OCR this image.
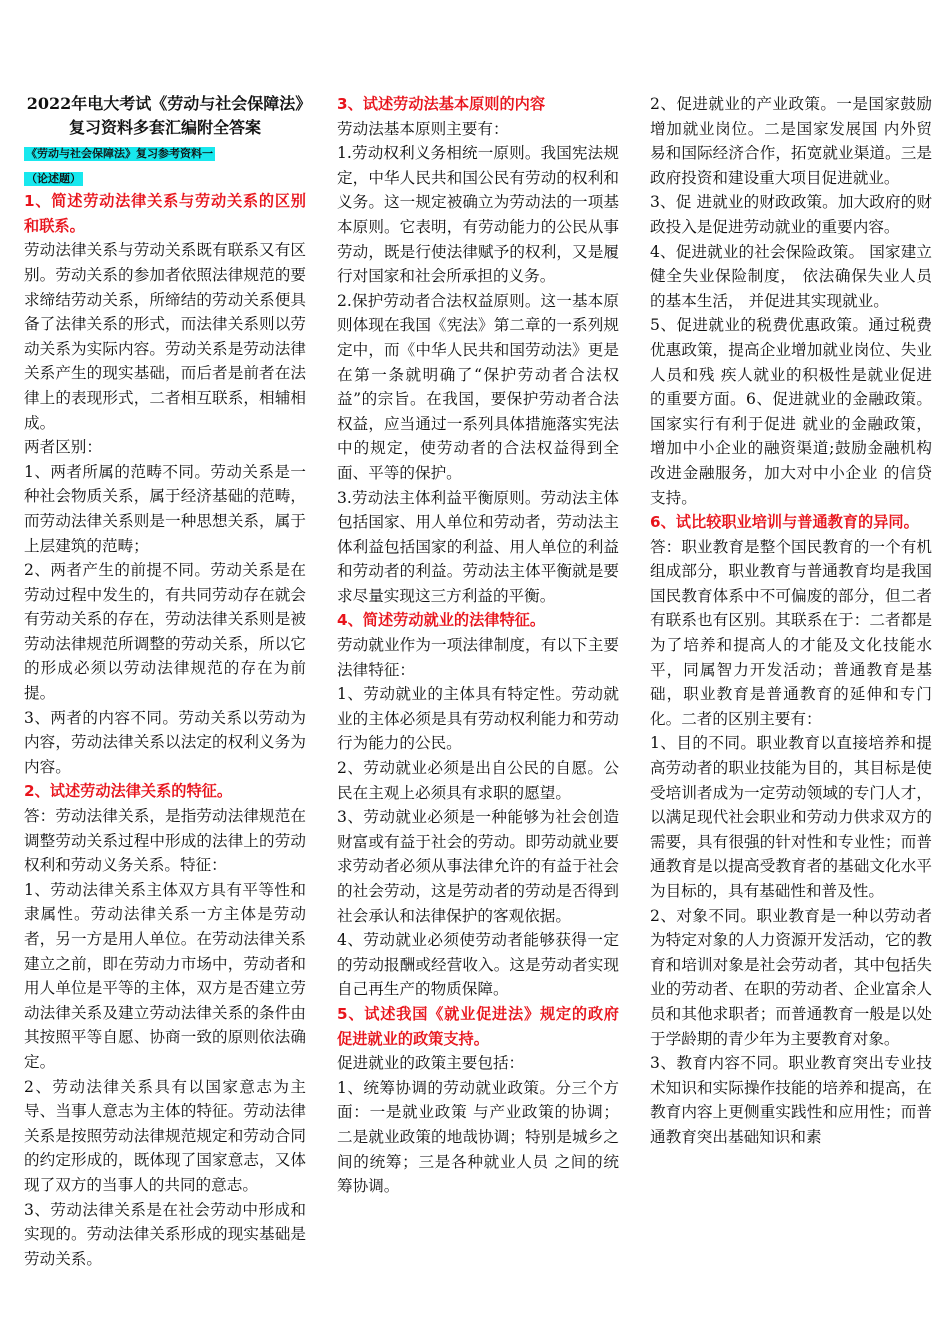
2022年电大考试《劳动与社会保障法》复习资料多套汇编附全答案

《劳动与社会保障法》复习参考资料一
（论述题）

1、简述劳动法律关系与劳动关系的区别和联系。

劳动法律关系与劳动关系既有联系又有区别。劳动关系的参加者依照法律规范的要求缔结劳动关系，所缔结的劳动关系便具备了法律关系的形式，而法律关系则以劳动关系为实际内容。劳动关系是劳动法律关系产生的现实基础，而后者是前者在法律上的表现形式，二者相互联系，相辅相成。

两者区别：

1、两者所属的范畴不同。劳动关系是一种社会物质关系，属于经济基础的范畴，而劳动法律关系则是一种思想关系，属于上层建筑的范畴；

2、两者产生的前提不同。劳动关系是在劳动过程中发生的，有共同劳动存在就会有劳动关系的存在，劳动法律关系则是被劳动法律规范所调整的劳动关系，所以它的形成必须以劳动法律规范的存在为前提。

3、两者的内容不同。劳动关系以劳动为内容，劳动法律关系以法定的权利义务为内容。

2、试述劳动法律关系的特征。

答：劳动法律关系，是指劳动法律规范在调整劳动关系过程中形成的法律上的劳动权利和劳动义务关系。特征：

1、劳动法律关系主体双方具有平等性和隶属性。劳动法律关系一方主体是劳动者，另一方是用人单位。在劳动法律关系建立之前，即在劳动力市场中，劳动者和用人单位是平等的主体，双方是否建立劳动法律关系及建立劳动法律关系的条件由其按照平等自愿、协商一致的原则依法确定。

2、劳动法律关系具有以国家意志为主导、当事人意志为主体的特征。劳动法律关系是按照劳动法律规范规定和劳动合同的约定形成的，既体现了国家意志，又体现了双方的当事人的共同的意志。

3、劳动法律关系是在社会劳动中形成和实现的。劳动法律关系形成的现实基础是劳动关系。

3、试述劳动法基本原则的内容

劳动法基本原则主要有：

1.劳动权利义务相统一原则。我国宪法规定，中华人民共和国公民有劳动的权利和义务。这一规定被确立为劳动法的一项基本原则。它表明，有劳动能力的公民从事劳动，既是行使法律赋予的权利，又是履行对国家和社会所承担的义务。

2.保护劳动者合法权益原则。这一基本原则体现在我国《宪法》第二章的一系列规定中，而《中华人民共和国劳动法》更是在第一条就明确了“保护劳动者合法权益”的宗旨。在我国，要保护劳动者合法权益，应当通过一系列具体措施落实宪法中的规定，使劳动者的合法权益得到全面、平等的保护。

3.劳动法主体利益平衡原则。劳动法主体包括国家、用人单位和劳动者，劳动法主体利益包括国家的利益、用人单位的利益和劳动者的利益。劳动法主体平衡就是要求尽量实现这三方利益的平衡。

4、简述劳动就业的法律特征。

劳动就业作为一项法律制度，有以下主要法律特征：

1、劳动就业的主体具有特定性。劳动就业的主体必须是具有劳动权利能力和劳动行为能力的公民。

2、劳动就业必须是出自公民的自愿。公民在主观上必须具有求职的愿望。

3、劳动就业必须是一种能够为社会创造财富或有益于社会的劳动。即劳动就业要求劳动者必须从事法律允许的有益于社会的社会劳动，这是劳动者的劳动是否得到社会承认和法律保护的客观依据。

4、劳动就业必须使劳动者能够获得一定的劳动报酬或经营收入。这是劳动者实现自己再生产的物质保障。

5、试述我国《就业促进法》规定的政府促进就业的政策支持。

促进就业的政策主要包括：

1、统筹协调的劳动就业政策。分三个方面：一是就业政策 与产业政策的协调；二是就业政策的地哉协调；特别是城乡之间的统筹；三是各种就业人员 之间的统筹协调。

2、促进就业的产业政策。一是国家鼓励增加就业岗位。二是国家发展国 内外贸易和国际经济合作，拓宽就业渠道。三是政府投资和建设重大项目促进就业。

3、促 进就业的财政政策。加大政府的财政投入是促进劳动就业的重要内容。

4、促进就业的社会保险政策。 国家建立健全失业保险制度， 依法确保失业人员的基本生活， 并促进其实现就业。

5、促进就业的税费优惠政策。通过税费优惠政策，提高企业增加就业岗位、失业人员和残 疾人就业的积极性是就业促进的重要方面。6、促进就业的金融政策。国家实行有利于促进 就业的金融政策，增加中小企业的融资渠道;鼓励金融机构改进金融服务，加大对中小企业 的信贷支持。

6、试比较职业培训与普通教育的异同。

答：职业教育是整个国民教育的一个有机组成部分，职业教育与普通教育均是我国国民教育体系中不可偏废的部分，但二者有联系也有区别。其联系在于：二者都是为了培养和提高人的才能及文化技能水平，同属智力开发活动；普通教育是基础，职业教育是普通教育的延伸和专门化。二者的区别主要有：

1、目的不同。职业教育以直接培养和提高劳动者的职业技能为目的，其目标是使受培训者成为一定劳动领域的专门人才，以满足现代社会职业和劳动力供求双方的需要，具有很强的针对性和专业性；而普通教育是以提高受教育者的基础文化水平为目标的，具有基础性和普及性。

2、对象不同。职业教育是一种以劳动者为特定对象的人力资源开发活动，它的教育和培训对象是社会劳动者，其中包括失业的劳动者、在职的劳动者、企业富余人员和其他求职者；而普通教育一般是以处于学龄期的青少年为主要教育对象。

3、教育内容不同。职业教育突出专业技术知识和实际操作技能的培养和提高，在教育内容上更侧重实践性和应用性；而普通教育突出基础知识和素
